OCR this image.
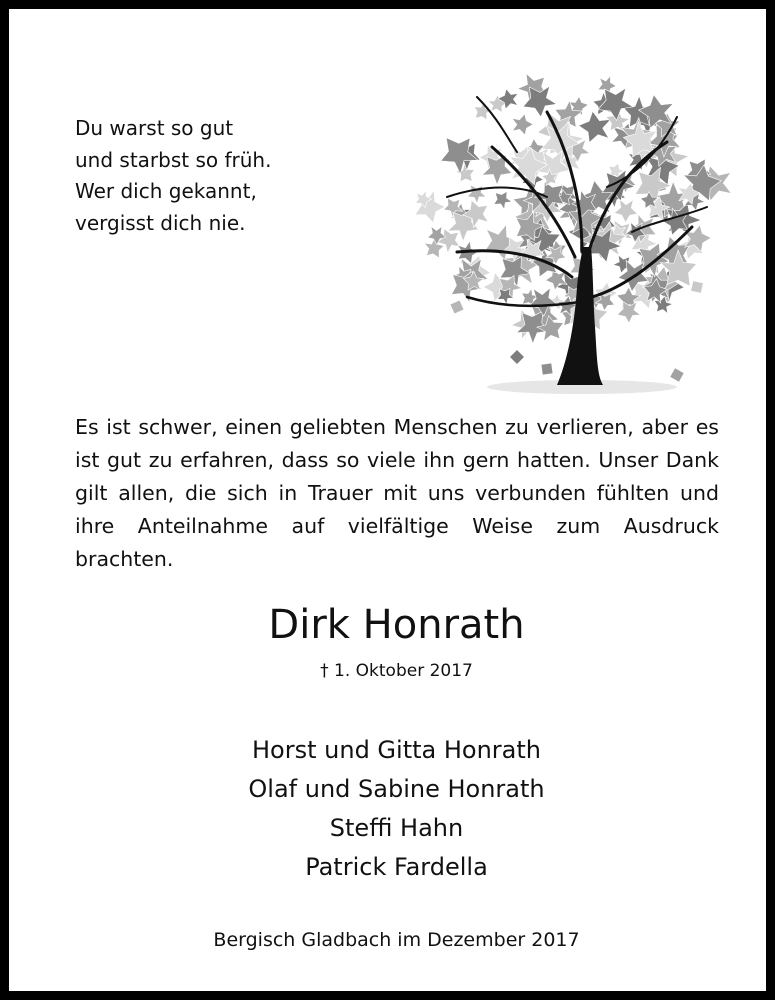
Du warst so gut
und starbst so früh.
Wer dich gekannt,
vergisst dich nie.
Es ist schwer, einen geliebten Menschen zu verlieren, aber es ist gut zu erfahren, dass so viele ihn gern hatten. Unser Dank gilt allen, die sich in Trauer mit uns verbunden fühlten und ihre Anteilnahme auf vielfältige Weise zum Ausdruck brachten.
Dirk Honrath
† 1. Oktober 2017
Horst und Gitta Honrath
Olaf und Sabine Honrath
Steffi Hahn
Patrick Fardella
Bergisch Gladbach im Dezember 2017
